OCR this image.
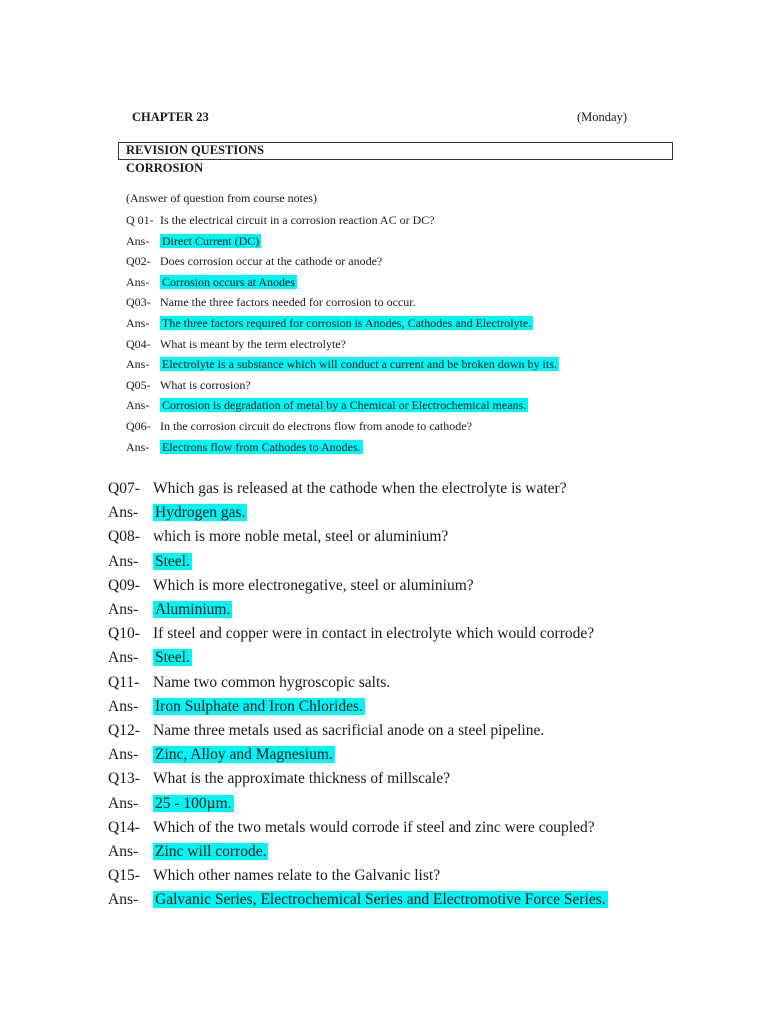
CHAPTER 23	(Monday)
REVISION QUESTIONS
CORROSION
(Answer of question from course notes)
Q 01- Is the electrical circuit in a corrosion reaction AC or DC?
Ans- Direct Current (DC)
Q02- Does corrosion occur at the cathode or anode?
Ans- Corrosion occurs at Anodes
Q03- Name the three factors needed for corrosion to occur.
Ans- The three factors required for corrosion is Anodes, Cathodes and Electrolyte.
Q04- What is meant by the term electrolyte?
Ans- Electrolyte is a substance which will conduct a current and be broken down by its.
Q05- What is corrosion?
Ans- Corrosion is degradation of metal by a Chemical or Electrochemical means.
Q06- In the corrosion circuit do electrons flow from anode to cathode?
Ans- Electrons flow from Cathodes to Anodes.
Q07- Which gas is released at the cathode when the electrolyte is water?
Ans- Hydrogen gas.
Q08- which is more noble metal, steel or aluminium?
Ans- Steel.
Q09- Which is more electronegative, steel or aluminium?
Ans- Aluminium.
Q10- If steel and copper were in contact in electrolyte which would corrode?
Ans- Steel.
Q11- Name two common hygroscopic salts.
Ans- Iron Sulphate and Iron Chlorides.
Q12- Name three metals used as sacrificial anode on a steel pipeline.
Ans- Zinc, Alloy and Magnesium.
Q13- What is the approximate thickness of millscale?
Ans- 25 - 100µm.
Q14- Which of the two metals would corrode if steel and zinc were coupled?
Ans- Zinc will corrode.
Q15- Which other names relate to the Galvanic list?
Ans- Galvanic Series, Electrochemical Series and Electromotive Force Series.
